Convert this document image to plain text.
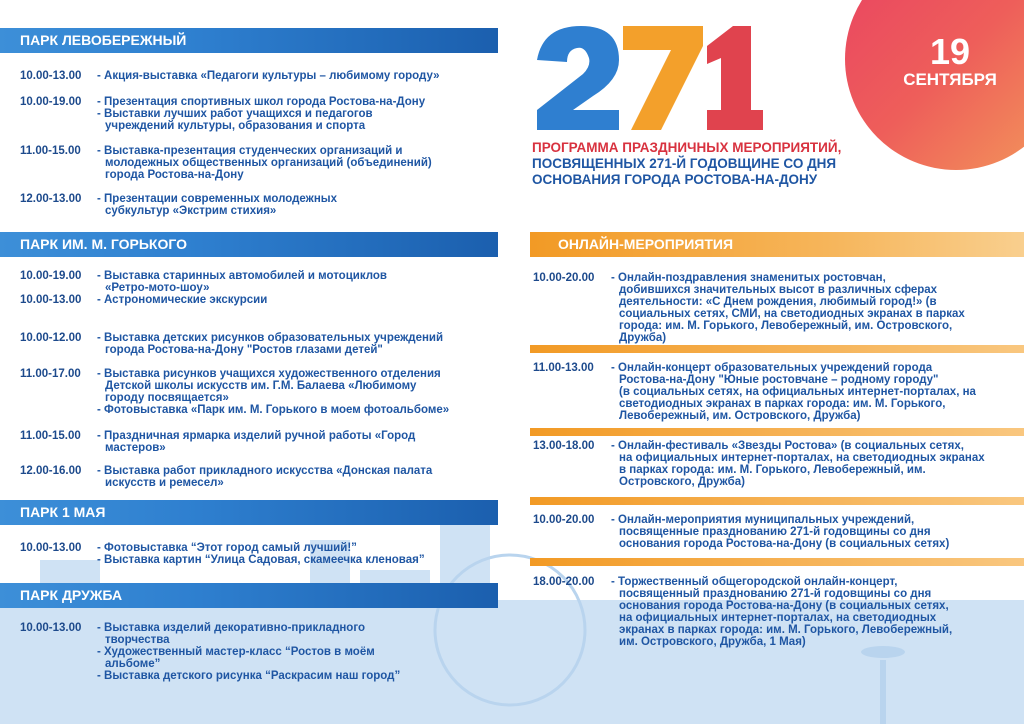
19
СЕНТЯБРЯ
271
ПРОГРАММА ПРАЗДНИЧНЫХ МЕРОПРИЯТИЙ,
ПОСВЯЩЕННЫХ 271-Й ГОДОВЩИНЕ СО ДНЯ
ОСНОВАНИЯ ГОРОДА РОСТОВА-НА-ДОНУ
ПАРК ЛЕВОБЕРЕЖНЫЙ
10.00-13.00 - Акция-выставка «Педагоги культуры – любимому городу»
10.00-19.00 - Презентация спортивных школ города Ростова-на-Дону
- Выставки лучших работ учащихся и педагогов
учреждений культуры, образования и спорта
11.00-15.00 - Выставка-презентация студенческих организаций и
молодежных общественных организаций (объединений)
города Ростова-на-Дону
12.00-13.00 - Презентации современных молодежных
субкультур «Экстрим стихия»
ПАРК ИМ. М. ГОРЬКОГО
10.00-19.00 - Выставка старинных автомобилей и мотоциклов
«Ретро-мото-шоу»
10.00-13.00 - Астрономические экскурсии
10.00-12.00 - Выставка детских рисунков образовательных учреждений
города Ростова-на-Дону "Ростов глазами детей"
11.00-17.00 - Выставка рисунков учащихся художественного отделения
Детской школы искусств им. Г.М. Балаева «Любимому
городу посвящается»
- Фотовыставка «Парк им. М. Горького в моем фотоальбоме»
11.00-15.00 - Праздничная ярмарка изделий ручной работы «Город
мастеров»
12.00-16.00 - Выставка работ прикладного искусства «Донская палата
искусств и ремесел»
ПАРК 1 МАЯ
10.00-13.00 - Фотовыставка “Этот город самый лучший!”
- Выставка картин “Улица Садовая, скамеечка кленовая”
ПАРК ДРУЖБА
10.00-13.00 - Выставка изделий декоративно-прикладного
творчества
- Художественный мастер-класс “Ростов в моём
альбоме”
- Выставка детского рисунка “Раскрасим наш город”
ОНЛАЙН-МЕРОПРИЯТИЯ
10.00-20.00 - Онлайн-поздравления знаменитых ростовчан,
добившихся значительных высот в различных сферах
деятельности: «С Днем рождения, любимый город!» (в
социальных сетях, СМИ, на светодиодных экранах в парках
города: им. М. Горького, Левобережный, им. Островского,
Дружба)
11.00-13.00 - Онлайн-концерт образовательных учреждений города
Ростова-на-Дону "Юные ростовчане – родному городу"
(в социальных сетях, на официальных интернет-порталах, на
светодиодных экранах в парках города: им. М. Горького,
Левобережный, им. Островского, Дружба)
13.00-18.00 - Онлайн-фестиваль «Звезды Ростова» (в социальных сетях,
на официальных интернет-порталах, на светодиодных экранах
в парках города: им. М. Горького, Левобережный, им.
Островского, Дружба)
10.00-20.00 - Онлайн-мероприятия муниципальных учреждений,
посвященные празднованию 271-й годовщины со дня
основания города Ростова-на-Дону (в социальных сетях)
18.00-20.00 - Торжественный общегородской онлайн-концерт,
посвященный празднованию 271-й годовщины со дня
основания города Ростова-на-Дону (в социальных сетях,
на официальных интернет-порталах, на светодиодных
экранах в парках города: им. М. Горького, Левобережный,
им. Островского, Дружба, 1 Мая)
